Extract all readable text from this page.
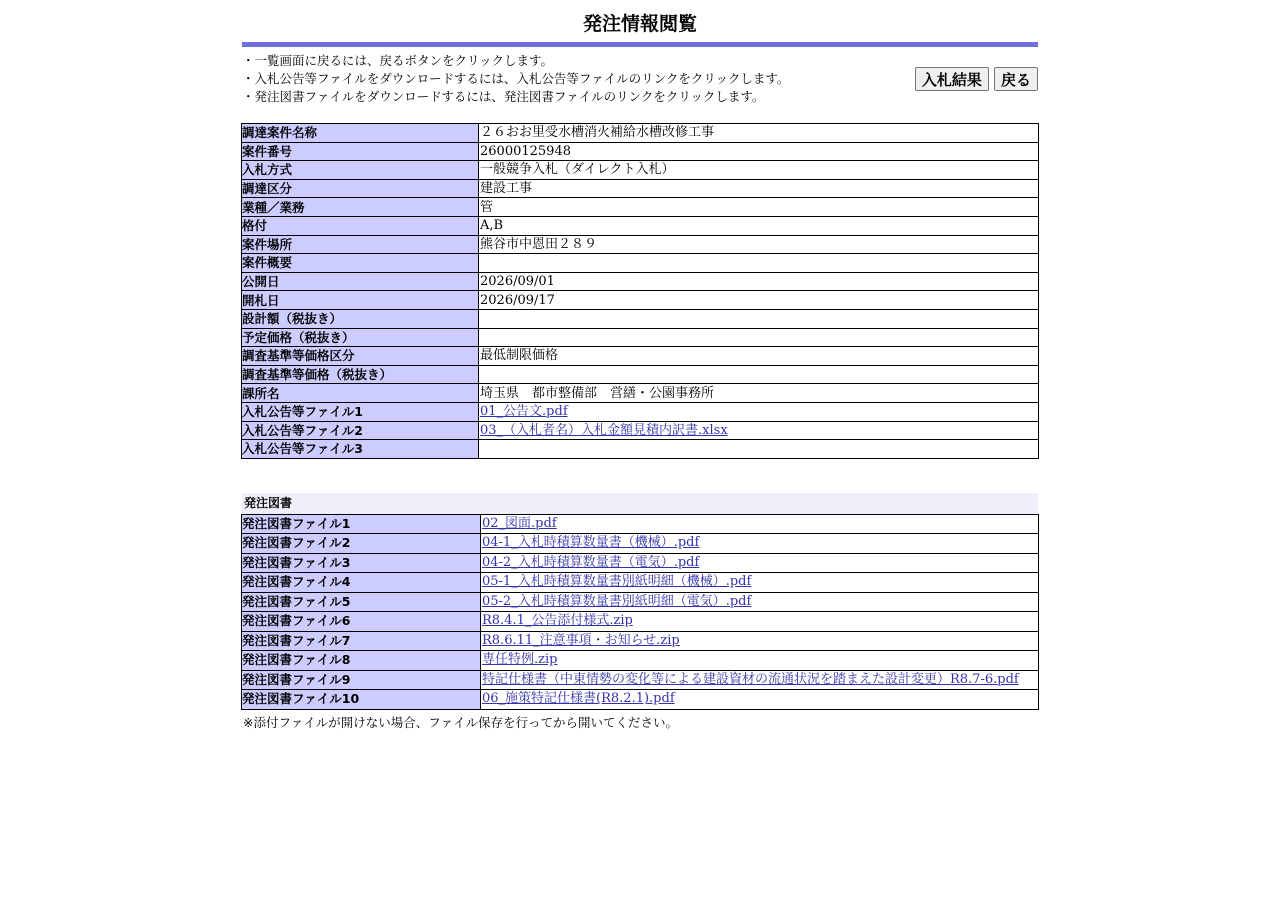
発注情報閲覧
・一覧画面に戻るには、戻るボタンをクリックします。
・入札公告等ファイルをダウンロードするには、入札公告等ファイルのリンクをクリックします。
・発注図書ファイルをダウンロードするには、発注図書ファイルのリンクをクリックします。
入札結果 戻る
調達案件名称	２６おお里受水槽消火補給水槽改修工事
案件番号	26000125948
入札方式	一般競争入札（ダイレクト入札）
調達区分	建設工事
業種／業務	管
格付	A,B
案件場所	熊谷市中恩田２８９
案件概要	
公開日	2026/09/01
開札日	2026/09/17
設計額（税抜き）	
予定価格（税抜き）	
調査基準等価格区分	最低制限価格
調査基準等価格（税抜き）	
課所名	埼玉県　都市整備部　営繕・公園事務所
入札公告等ファイル1	01_公告文.pdf
入札公告等ファイル2	03_（入札者名）入札金額見積内訳書.xlsx
入札公告等ファイル3	
発注図書
発注図書ファイル1	02_図面.pdf
発注図書ファイル2	04-1_入札時積算数量書（機械）.pdf
発注図書ファイル3	04-2_入札時積算数量書（電気）.pdf
発注図書ファイル4	05-1_入札時積算数量書別紙明細（機械）.pdf
発注図書ファイル5	05-2_入札時積算数量書別紙明細（電気）.pdf
発注図書ファイル6	R8.4.1_公告添付様式.zip
発注図書ファイル7	R8.6.11_注意事項・お知らせ.zip
発注図書ファイル8	専任特例.zip
発注図書ファイル9	特記仕様書（中東情勢の変化等による建設資材の流通状況を踏まえた設計変更）R8.7-6.pdf
発注図書ファイル10	06_施策特記仕様書(R8.2.1).pdf
※添付ファイルが開けない場合、ファイル保存を行ってから開いてください。
